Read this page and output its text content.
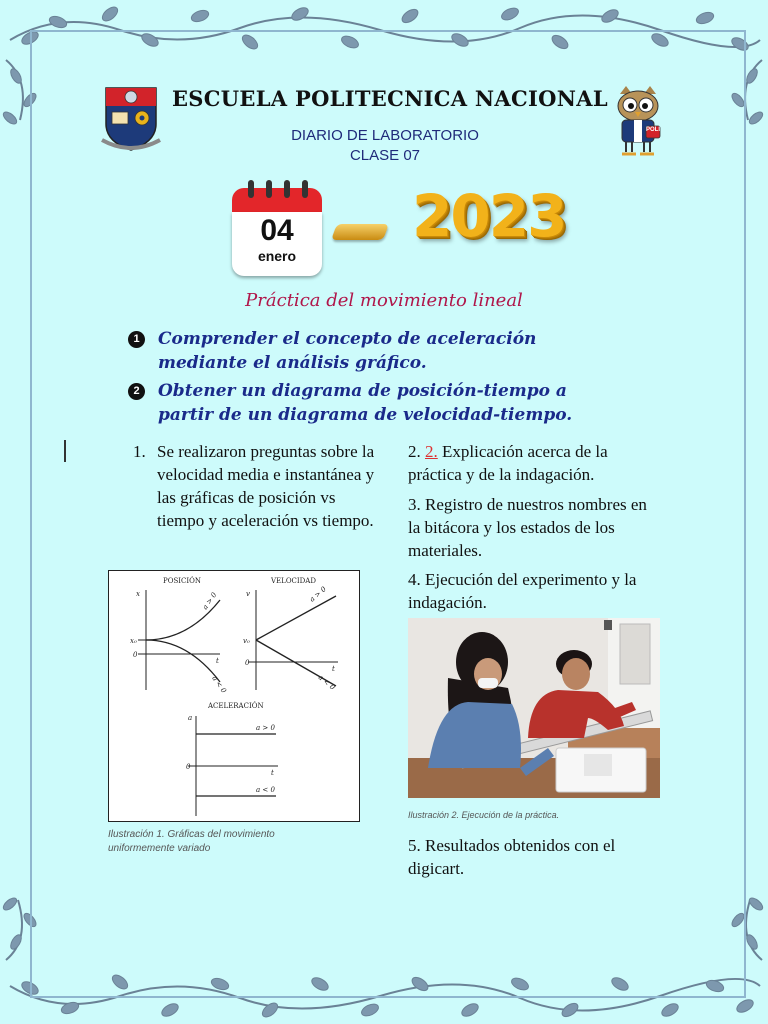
ESCUELA POLITECNICA NACIONAL
POLI
DIARIO DE LABORATORIO
CLASE 07
04
enero
2023
Práctica del movimiento lineal
1	Comprender el concepto de aceleración
mediante el análisis gráfico.
2	Obtener un diagrama de posición-tiempo a
partir de un diagrama de velocidad-tiempo.
1. Se realizaron preguntas sobre la velocidad media e instantánea y las gráficas de posición vs tiempo y aceleración vs tiempo.
POSICIÓN	VELOCIDAD
ACELERACIÓN
x
x₀
0
t
a > 0
a < 0
v
v₀
0
t
a > 0
a < 0
a
0
t
a > 0
a < 0
Ilustración 1. Gráficas del movimiento uniformemente variado
2. 2. Explicación acerca de la práctica y de la indagación.
3. Registro de nuestros nombres en la bitácora y los estados de los materiales.
4. Ejecución del experimento y la indagación.
Ilustración 2. Ejecución de la práctica.
5. Resultados obtenidos con el digicart.
